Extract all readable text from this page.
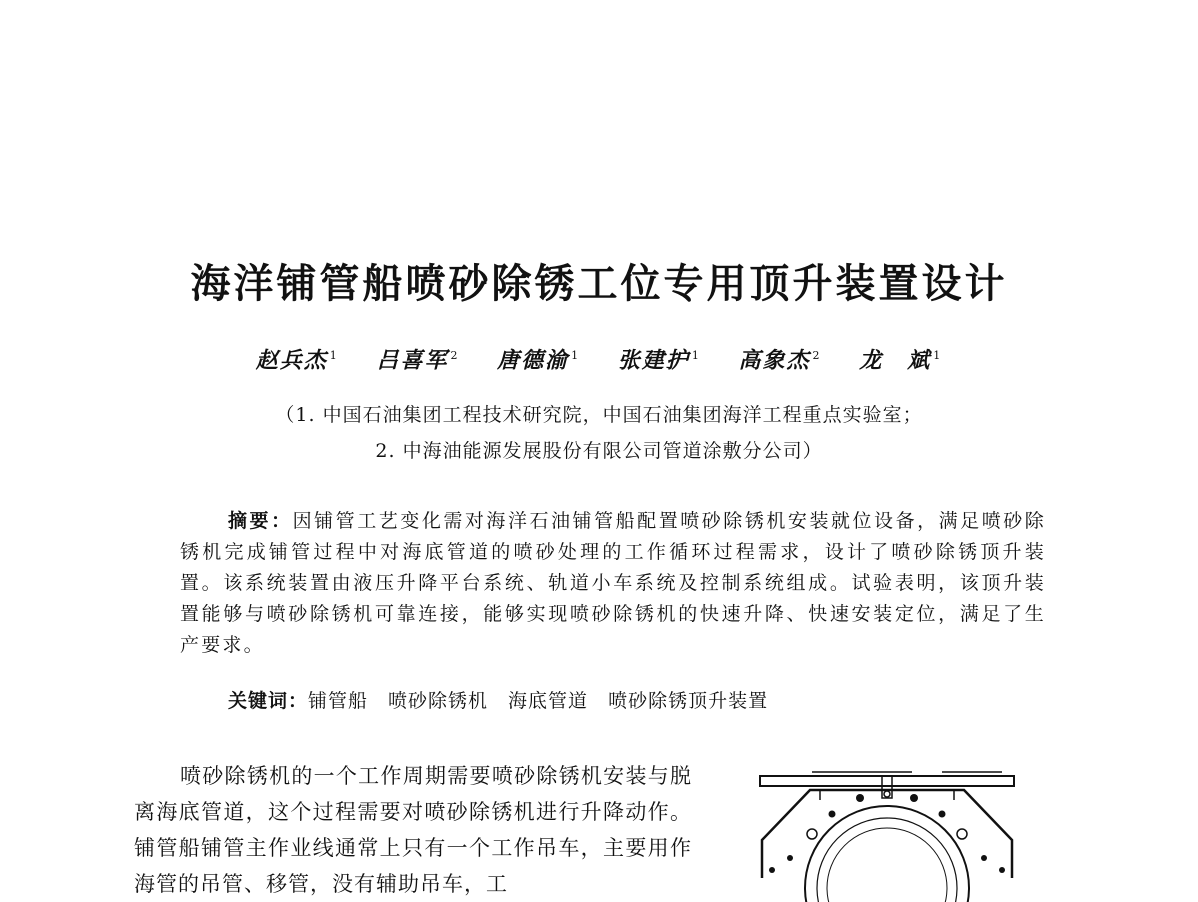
海洋铺管船喷砂除锈工位专用顶升装置设计
赵兵杰 $^1$ 吕喜军 $^2$ 唐德渝 $^1$ 张建护 $^1$ 高象杰 $^2$ 龙　斌 $^1$
（1. 中国石油集团工程技术研究院，中国石油集团海洋工程重点实验室；
2. 中海油能源发展股份有限公司管道涂敷分公司）

摘要：因铺管工艺变化需对海洋石油铺管船配置喷砂除锈机安装就位设备，满足喷砂除锈机完成铺管过程中对海底管道的喷砂处理的工作循环过程需求，设计了喷砂除锈顶升装置。该系统装置由液压升降平台系统、轨道小车系统及控制系统组成。试验表明，该顶升装置能够与喷砂除锈机可靠连接，能够实现喷砂除锈机的快速升降、快速安装定位，满足了生产要求。

关键词：铺管船 喷砂除锈机 海底管道 喷砂除锈顶升装置

喷砂除锈机的一个工作周期需要喷砂除锈机安装与脱离海底管道，这个过程需要对喷砂除锈机进行升降动作。铺管船铺管主作业线通常上只有一个工作吊车，主要用作海管的吊管、移管，没有辅助吊车，工
